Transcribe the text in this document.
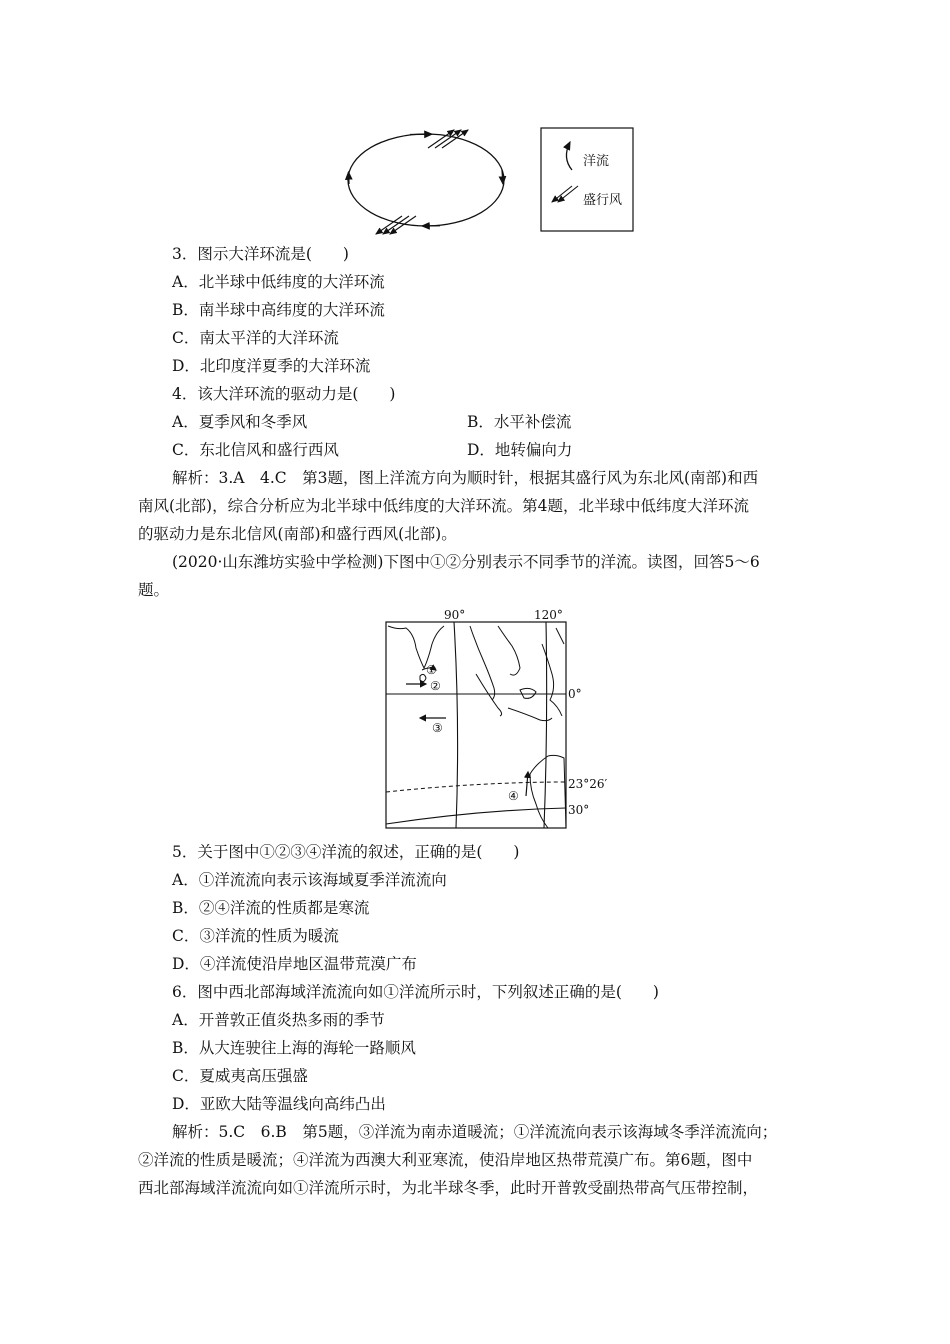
洋流
盛行风
3．图示大洋环流是(　　)
A．北半球中低纬度的大洋环流
B．南半球中高纬度的大洋环流
C．南太平洋的大洋环流
D．北印度洋夏季的大洋环流
4．该大洋环流的驱动力是(　　)
A．夏季风和冬季风	B．水平补偿流
C．东北信风和盛行西风	D．地转偏向力
解析：3.A　4.C　第3题，图上洋流方向为顺时针，根据其盛行风为东北风(南部)和西
南风(北部)，综合分析应为北半球中低纬度的大洋环流。第4题，北半球中低纬度大洋环流
的驱动力是东北信风(南部)和盛行西风(北部)。
(2020·山东潍坊实验中学检测)下图中①②分别表示不同季节的洋流。读图，回答5～6
题。
90°	120°
0°
23°26′
30°
①
②
③
④
5．关于图中①②③④洋流的叙述，正确的是(　　)
A．①洋流流向表示该海域夏季洋流流向
B．②④洋流的性质都是寒流
C．③洋流的性质为暖流
D．④洋流使沿岸地区温带荒漠广布
6．图中西北部海域洋流流向如①洋流所示时，下列叙述正确的是(　　)
A．开普敦正值炎热多雨的季节
B．从大连驶往上海的海轮一路顺风
C．夏威夷高压强盛
D．亚欧大陆等温线向高纬凸出
解析：5.C　6.B　第5题，③洋流为南赤道暖流；①洋流流向表示该海域冬季洋流流向；
②洋流的性质是暖流；④洋流为西澳大利亚寒流，使沿岸地区热带荒漠广布。第6题，图中
西北部海域洋流流向如①洋流所示时，为北半球冬季，此时开普敦受副热带高气压带控制，
